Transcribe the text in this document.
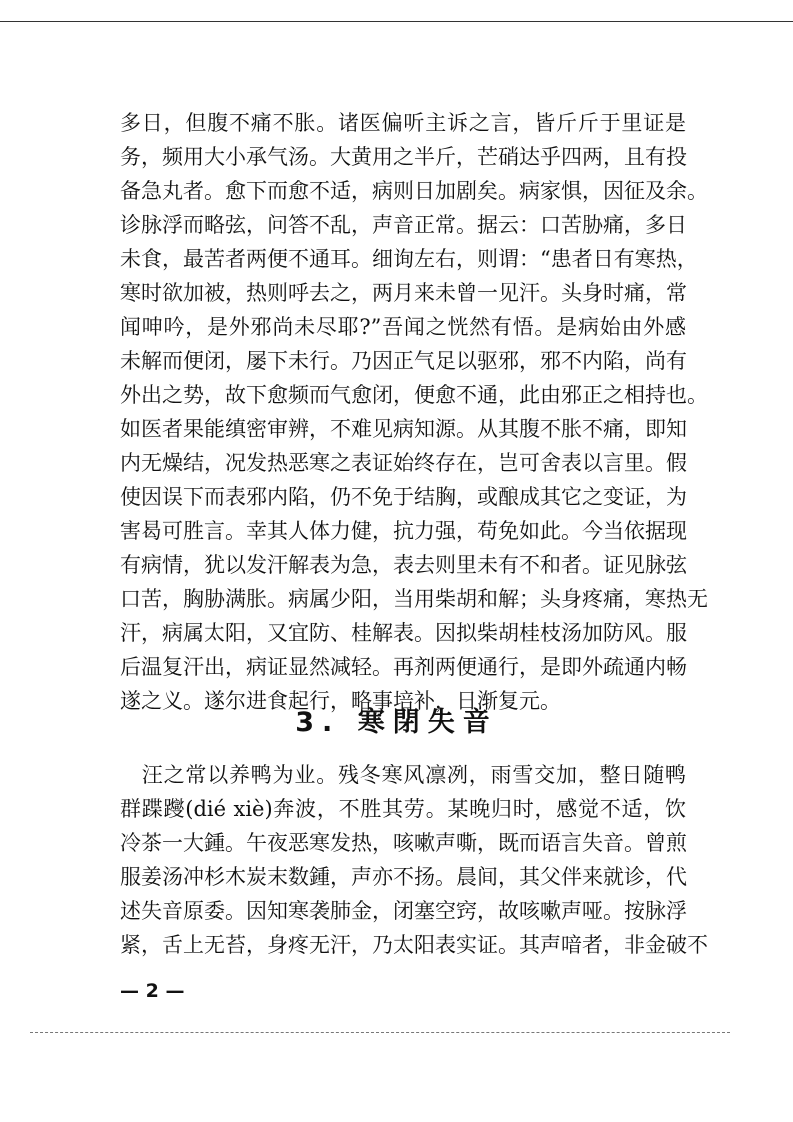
多日，但腹不痛不胀。诸医偏听主诉之言，皆斤斤于里证是
务，频用大小承气汤。大黄用之半斤，芒硝达乎四两，且有投
备急丸者。愈下而愈不适，病则日加剧矣。病家惧，因征及余。
诊脉浮而略弦，问答不乱，声音正常。据云：口苦胁痛，多日
未食，最苦者两便不通耳。细询左右，则谓：“患者日有寒热，
寒时欲加被，热则呼去之，两月来未曾一见汗。头身时痛，常
闻呻吟，是外邪尚未尽耶?”吾闻之恍然有悟。是病始由外感
未解而便闭，屡下未行。乃因正气足以驱邪，邪不内陷，尚有
外出之势，故下愈频而气愈闭，便愈不通，此由邪正之相持也。
如医者果能缜密审辨，不难见病知源。从其腹不胀不痛，即知
内无燥结，况发热恶寒之表证始终存在，岂可舍表以言里。假
使因误下而表邪内陷，仍不免于结胸，或酿成其它之变证，为
害曷可胜言。幸其人体力健，抗力强，苟免如此。今当依据现
有病情，犹以发汗解表为急，表去则里未有不和者。证见脉弦
口苦，胸胁满胀。病属少阳，当用柴胡和解；头身疼痛，寒热无
汗，病属太阳，又宜防、桂解表。因拟柴胡桂枝汤加防风。服
后温复汗出，病证显然减轻。再剂两便通行，是即外疏通内畅
遂之义。遂尔进食起行，略事培补，日渐复元。
3. 寒閉失音
　汪之常以养鸭为业。残冬寒风凛冽，雨雪交加，整日随鸭
群蹀躞(dié xiè)奔波，不胜其劳。某晚归时，感觉不适，饮
冷茶一大鍾。午夜恶寒发热，咳嗽声嘶，既而语言失音。曾煎
服姜汤冲杉木炭末数鍾，声亦不扬。晨间，其父伴来就诊，代
述失音原委。因知寒袭肺金，闭塞空窍，故咳嗽声哑。按脉浮
紧，舌上无苔，身疼无汗，乃太阳表实证。其声喑者，非金破不
— 2 —
